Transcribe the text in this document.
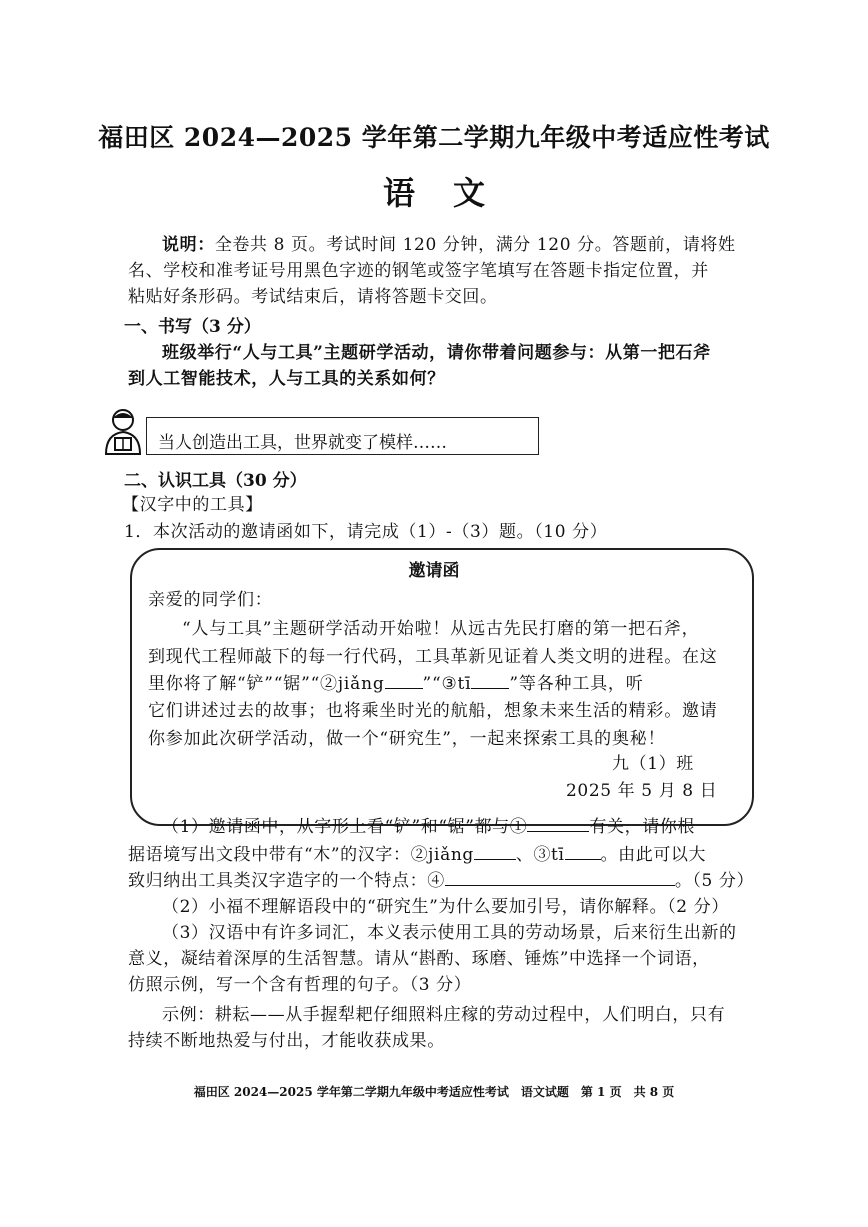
福田区 2024—2025 学年第二学期九年级中考适应性考试
语文
说明：全卷共 8 页。考试时间 120 分钟，满分 120 分。答题前，请将姓
名、学校和准考证号用黑色字迹的钢笔或签字笔填写在答题卡指定位置，并
粘贴好条形码。考试结束后，请将答题卡交回。
一、书写（3 分）
班级举行“人与工具”主题研学活动，请你带着问题参与：从第一把石斧
到人工智能技术，人与工具的关系如何？
当人创造出工具，世界就变了模样……
二、认识工具（30 分）
【汉字中的工具】
1．本次活动的邀请函如下，请完成（1）-（3）题。（10 分）
邀请函
亲爱的同学们：
“人与工具”主题研学活动开始啦！从远古先民打磨的第一把石斧，
到现代工程师敲下的每一行代码，工具革新见证着人类文明的进程。在这
里你将了解“铲”“锯”“②jiǎng ”“③tī ”等各种工具，听
它们讲述过去的故事；也将乘坐时光的航船，想象未来生活的精彩。邀请
你参加此次研学活动，做一个“研究生”，一起来探索工具的奥秘！
九（1）班
2025 年 5 月 8 日
（1）邀请函中，从字形上看“铲”和“锯”都与①	有关，请你根
据语境写出文段中带有“木”的汉字：②jiǎng 、③tī 。由此可以大
致归纳出工具类汉字造字的一个特点：④	。（5 分）
（2）小福不理解语段中的“研究生”为什么要加引号，请你解释。（2 分）
（3）汉语中有许多词汇，本义表示使用工具的劳动场景，后来衍生出新的
意义，凝结着深厚的生活智慧。请从“斟酌、琢磨、锤炼”中选择一个词语，
仿照示例，写一个含有哲理的句子。（3 分）
示例：耕耘——从手握犁耙仔细照料庄稼的劳动过程中，人们明白，只有
持续不断地热爱与付出，才能收获成果。
福田区 2024—2025 学年第二学期九年级中考适应性考试　语文试题　第 1 页　共 8 页
